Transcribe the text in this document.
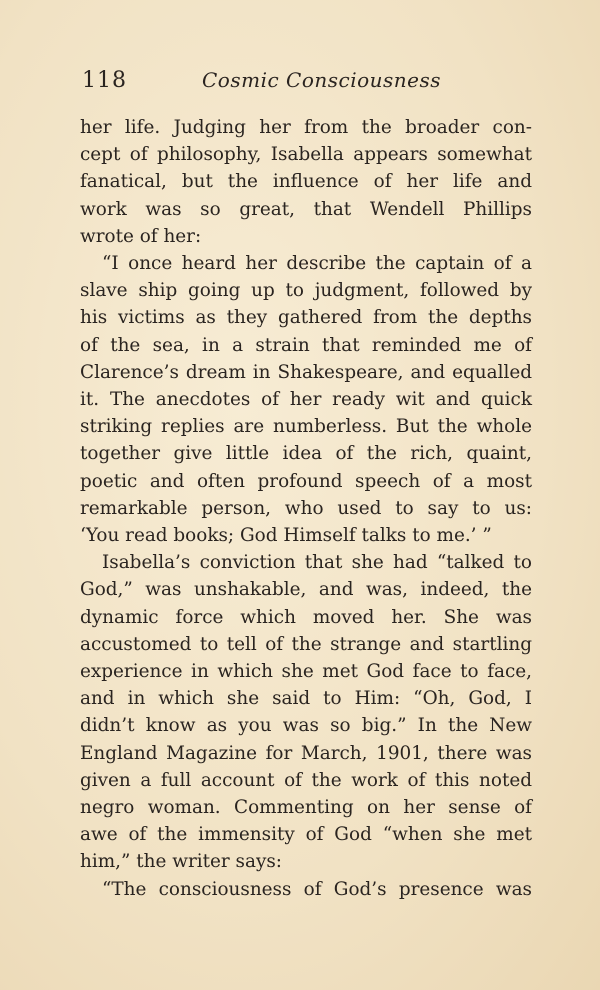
118	Cosmic Consciousness
her life. Judging her from the broader con-
cept of philosophy, Isabella appears somewhat
fanatical, but the influence of her life and
work was so great, that Wendell Phillips
wrote of her:
“I once heard her describe the captain of a
slave ship going up to judgment, followed by
his victims as they gathered from the depths
of the sea, in a strain that reminded me of
Clarence’s dream in Shakespeare, and equalled
it. The anecdotes of her ready wit and quick
striking replies are numberless. But the whole
together give little idea of the rich, quaint,
poetic and often profound speech of a most
remarkable person, who used to say to us:
‘You read books; God Himself talks to me.’ ”
Isabella’s conviction that she had “talked to
God,” was unshakable, and was, indeed, the
dynamic force which moved her. She was
accustomed to tell of the strange and startling
experience in which she met God face to face,
and in which she said to Him: “Oh, God, I
didn’t know as you was so big.” In the New
England Magazine for March, 1901, there was
given a full account of the work of this noted
negro woman. Commenting on her sense of
awe of the immensity of God “when she met
him,” the writer says:
“The consciousness of God’s presence was
